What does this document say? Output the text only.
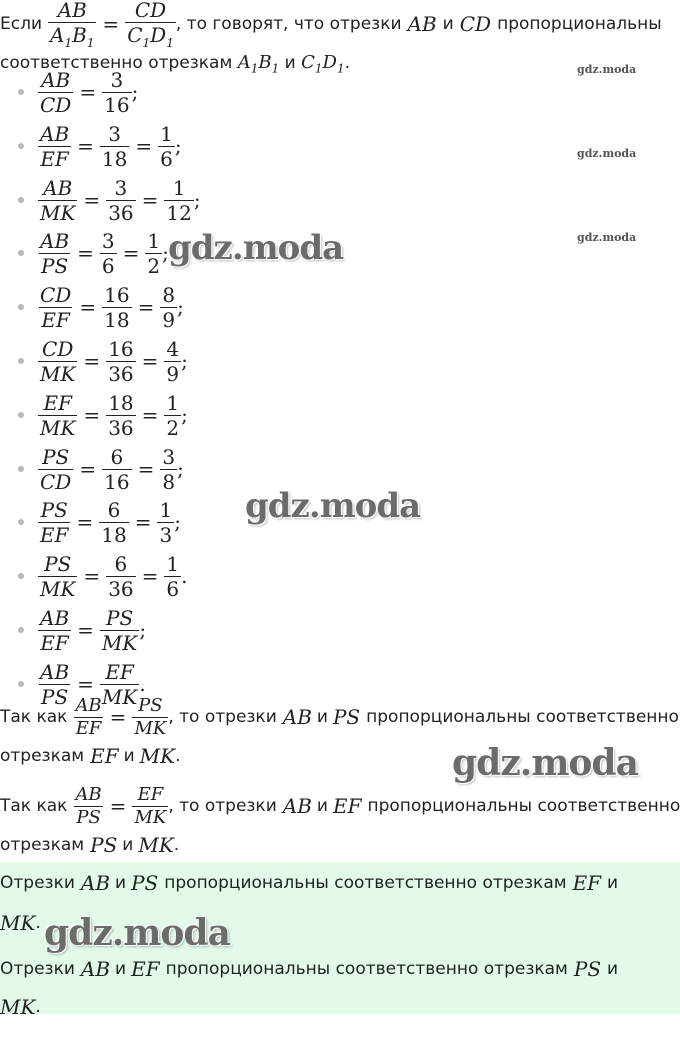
Если $\frac{AB}{A_1B_1} = \frac{CD}{C_1D_1}$ , то говорят, что отрезки AB и CD пропорциональны
соответственно отрезкам $A_1B_1$ и $C_1D_1$.
$\frac{AB}{CD} = \frac{3}{16}$ ;
$\frac{AB}{EF} = \frac{3}{18} = \frac{1}{6}$ ;
$\frac{AB}{MK} = \frac{3}{36} = \frac{1}{12}$ ;
$\frac{AB}{PS} = \frac{3}{6} = \frac{1}{2}$ ;
$\frac{CD}{EF} = \frac{16}{18} = \frac{8}{9}$ ;
$\frac{CD}{MK} = \frac{16}{36} = \frac{4}{9}$ ;
$\frac{EF}{MK} = \frac{18}{36} = \frac{1}{2}$ ;
$\frac{PS}{CD} = \frac{6}{16} = \frac{3}{8}$ ;
$\frac{PS}{EF} = \frac{6}{18} = \frac{1}{3}$ ;
$\frac{PS}{MK} = \frac{6}{36} = \frac{1}{6}$ .
$\frac{AB}{EF} = \frac{PS}{MK}$ ;
$\frac{AB}{PS} = \frac{EF}{MK}$ .
Так как $\frac{AB}{EF} = \frac{PS}{MK}$ , то отрезки AB и PS пропорциональны соответственно
отрезкам EF и MK .
Так как $\frac{AB}{PS} = \frac{EF}{MK}$ , то отрезки AB и EF пропорциональны соответственно
отрезкам PS и MK .
Отрезки AB и PS пропорциональны соответственно отрезкам EF и
MK .
Отрезки AB и EF пропорциональны соответственно отрезкам PS и
MK .
gdz.moda
gdz.moda
gdz.moda
gdz.moda
gdz.moda
gdz.moda
gdz.moda
